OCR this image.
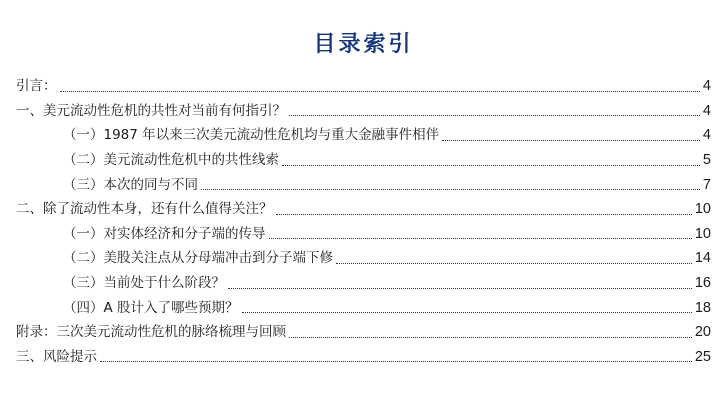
目录索引
引言：	4
一、美元流动性危机的共性对当前有何指引？	4
（一）1987 年以来三次美元流动性危机均与重大金融事件相伴	4
（二）美元流动性危机中的共性线索	5
（三）本次的同与不同	7
二、除了流动性本身，还有什么值得关注？	10
（一）对实体经济和分子端的传导	10
（二）美股关注点从分母端冲击到分子端下修	14
（三）当前处于什么阶段？	16
（四）A 股计入了哪些预期？	18
附录：三次美元流动性危机的脉络梳理与回顾	20
三、风险提示	25
